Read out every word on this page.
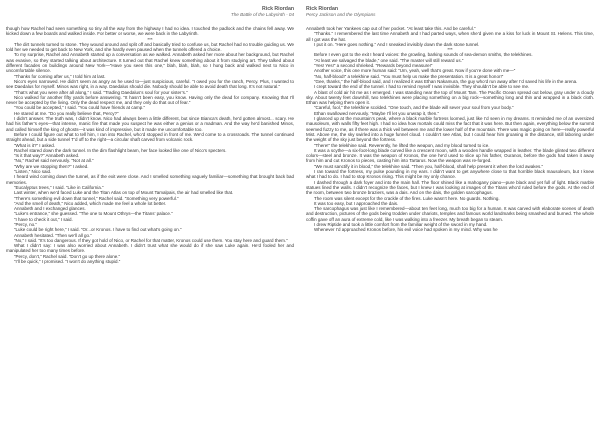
Rick Riordan
The Battle of the Labyrinth - 04

though how Rachel had seen something so tiny all the way from the highway I had no idea. I touched the padlock and the chains fell away. We kicked down a few boards and walked inside. For better or worse, we were back in the Labyrinth.

***

The dirt tunnels turned to stone. They wound around and split off and basically tried to confuse us, but Rachel had no trouble guiding us. We told her we needed to get back to New York, and she hardly even paused when the tunnels offered a choice.

To my surprise, Rachel and Annabeth started up a conversation as we walked. Annabeth asked her more about her background, but Rachel was evasive, so they started talking about architecture. It turned out that Rachel knew something about it from studying art. They talked about different facades on buildings around New York—“Have you seen this one,” blah, blah, blah, so I hung back and walked next to Nico in uncomfortable silence.

“Thanks for coming after us,” I told him at last.

Nico’s eyes narrowed. He didn’t seem as angry as he used to—just suspicious, careful. “I owed you for the ranch, Percy. Plus, I wanted to see Daedalus for myself. Minos was right, in a way. Daedalus should die. Nobody should be able to avoid death that long. It’s not natural.”

“That’s what you were after all along,” I said. “Trading Daedalus’s soul for your sister’s.”

Nico walked for another fifty yards before answering. “It hasn’t been easy, you know. Having only the dead for company. Knowing that I’ll never be accepted by the living. Only the dead respect me, and they only do that out of fear.”

“You could be accepted,” I said. “You could have friends at camp.”

He stared at me. “Do you really believe that, Percy?”

I didn’t answer. The truth was, I didn’t know. Nico had always been a little different, but since Bianca’s death, he’d gotten almost... scary. He had his father’s eyes—that intense, manic fire that made you suspect he was either a genius or a madman. And the way he’d banished Minos, and called himself the king of ghosts—it was kind of impressive, but it made me uncomfortable too.

Before I could figure out what to tell him, I ran into Rachel, who’d stopped in front of me. We’d come to a crossroads. The tunnel continued straight ahead, but a side tunnel T’d off to the right—a circular shaft carved from volcanic rock.

“What is it?” I asked.

Rachel stared down the dark tunnel. In the dim flashlight beam, her face looked like one of Nico’s specters.

“Is it that way?” Annabeth asked.

“No,” Rachel said nervously. “Not at all.”

“Why are we stopping then?” I asked.

“Listen,” Nico said.

I heard wind coming down the tunnel, as if the exit were close. And I smelled something vaguely familiar—something that brought back bad memories.

“Eucalyptus trees,” I said. “Like in California.”

Last winter, when we’d faced Luke and the Titan Atlas on top of Mount Tamalpais, the air had smelled like that.

“There’s something evil down that tunnel,” Rachel said. “Something very powerful.”

“And the smell of death,” Nico added, which made me feel a whole lot better.

Annabeth and I exchanged glances.

“Luke’s entrance,” she guessed. “The one to Mount Othrys—the Titans’ palace.”

“I have to check it out,” I said.

“Percy, no.”

“Luke could be right here,” I said. “Or...or Kronos. I have to find out what’s going on.”

Annabeth hesitated. “Then we’ll all go.”

“No,” I said. “It’s too dangerous. If they got hold of Nico, or Rachel for that matter, Kronos could use them. You stay here and guard them.”

What I didn’t say: I was also worried about Annabeth. I didn’t trust what she would do if she saw Luke again. He’d fooled her and manipulated her too many times before.

“Percy, don’t,” Rachel said. “Don’t go up there alone.”

“I’ll be quick,” I promised. “I won’t do anything stupid.”

Rick Riordan
Percy Jackson and the Olympians

Annabeth took her Yankees cap out of her pocket. “At least take this. And be careful.”

“Thanks.” I remembered the last time Annabeth and I had parted ways, when she’d given me a kiss for luck in Mount St. Helens. This time, all I got was the hat.

I put it on. “Here goes nothing.” And I sneaked invisibly down the dark stone tunnel.

***

Before I even got to the exit I heard voices: the growling, barking sounds of sea-demon smiths, the telekhines.

“At least we salvaged the blade,” one said. “The master will still reward us.”

“Yes! Yes!” a second shrieked. “Rewards beyond measure!”

Another voice, this one more human said: “Um, yeah, well that’s great. Now if you’re done with me—”

“No, half-blood!” a telekhine said. “You must help us make the presentation. It is a great honor!”

“Gee, thanks,” the half-blood said, and I realized it was Ethan Nakamura, the guy who’d run away after I’d saved his life in the arena.

I crept toward the end of the tunnel. I had to remind myself I was invisible. They shouldn’t be able to see me.

A blast of cold air hit me as I emerged. I was standing near the top of Mount Tam. The Pacific Ocean spread out below, gray under a cloudy sky. About twenty feet downhill, two telekhines were placing something on a big rock—something long and thin and wrapped in a black cloth. Ethan was helping them open it.

“Careful, fool,” the telekhine scolded. “One touch, and the blade will sever your soul from your body.”

Ethan swallowed nervously. “Maybe I’ll let you unwrap it, then.”

I glanced up at the mountain’s peak, where a black marble fortress loomed, just like I’d seen in my dreams. It reminded me of an oversized mausoleum, with walls fifty feet high. I had no idea how mortals could miss the fact that it was here. But then again, everything below the summit seemed fuzzy to me, as if there was a thick veil between me and the lower half of the mountain. There was magic going on here—really powerful Mist. Above me, the sky swirled into a huge funnel cloud. I couldn’t see Atlas, but I could hear him groaning in the distance, still laboring under the weight of the sky just beyond the fortress.

“There!” the telekhine said. Reverently, he lifted the weapon, and my blood turned to ice.

It was a scythe—a six-foot-long blade curved like a crescent moon, with a wooden handle wrapped in leather. The blade glinted two different colors—steel and bronze. It was the weapon of Kronos, the one he’d used to slice up his father, Ouranos, before the gods had taken it away from him and cut Kronos to pieces, casting him into Tartarus. Now the weapon was re-forged.

“We must sanctify it in blood,” the telekhine said. “Then you, half-blood, shall help present it when the lord awakes.”

I ran toward the fortress, my pulse pounding in my ears. I didn’t want to get anywhere close to that horrible black mausoleum, but I knew what I had to do. I had to stop Kronos rising. This might be my only chance.

I dashed through a dark foyer and into the main hall. The floor shined like a mahogany piano—pure black and yet full of light. Black marble statues lined the walls. I didn’t recognize the faces, but I knew I was looking at images of the Titans who’d ruled before the gods. At the end of the room, between two bronze braziers, was a dais. And on the dais, the golden sarcophagus.

The room was silent except for the crackle of the fires. Luke wasn’t here. No guards. Nothing.

It was too easy, but I approached the dais.

The sarcophagus was just like I remembered—about ten feet long, much too big for a human. It was carved with elaborate scenes of death and destruction, pictures of the gods being trodden under chariots, temples and famous world landmarks being smashed and burned. The whole coffin gave off an aura of extreme cold, like I was walking into a freezer. My breath began to steam.

I drew Riptide and took a little comfort from the familiar weight of the sword in my hand.

Whenever I’d approached Kronos before, his evil voice had spoken in my mind. Why was he
